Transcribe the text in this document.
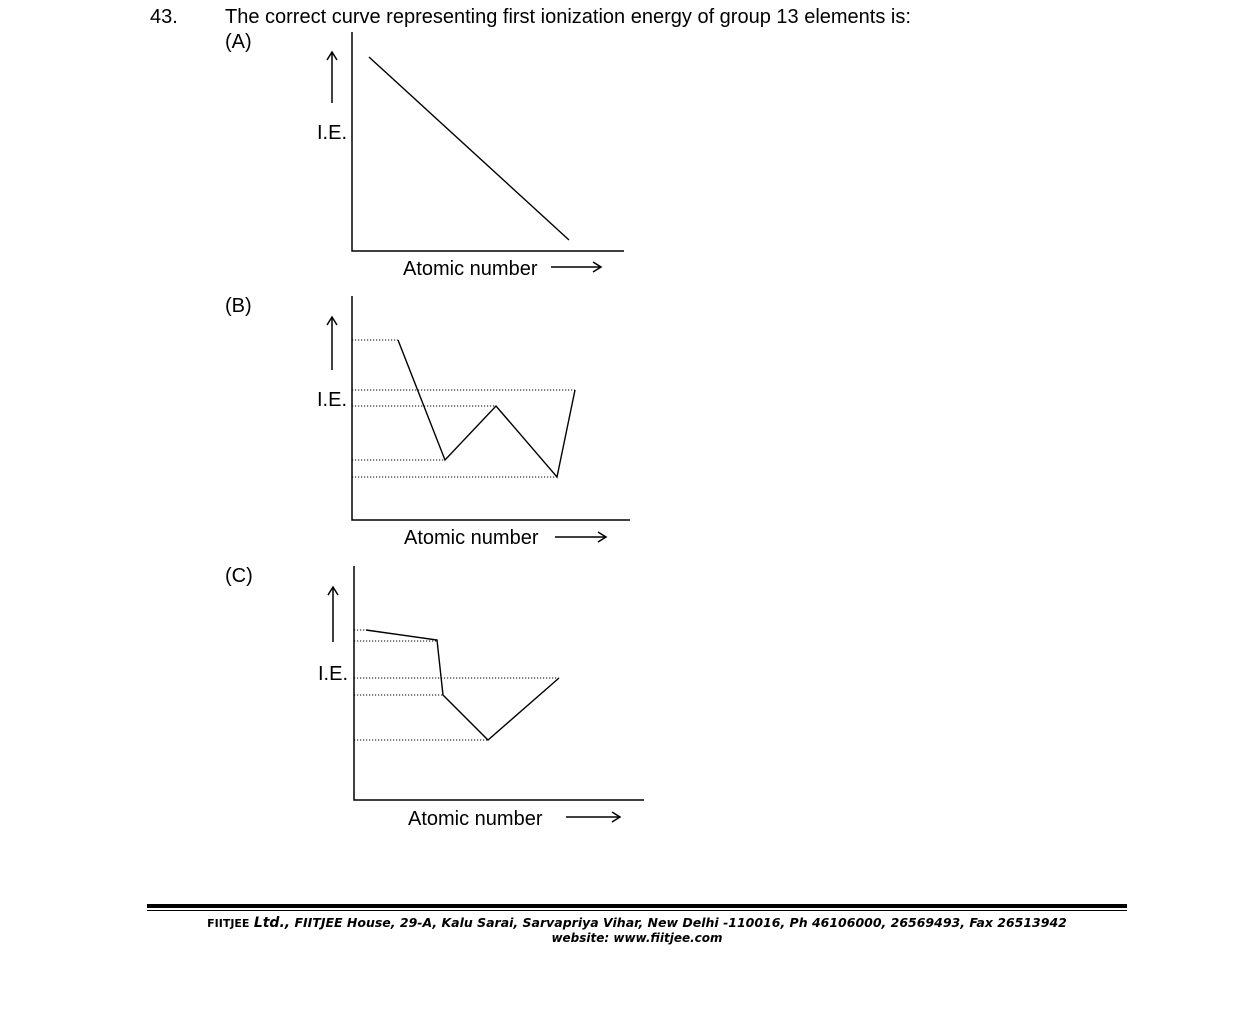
43. The correct curve representing first ionization energy of group 13 elements is:
(A)
I.E.
Atomic number
(B)
I.E.
Atomic number
(C)
I.E.
Atomic number
FIITJEE Ltd., FIITJEE House, 29-A, Kalu Sarai, Sarvapriya Vihar, New Delhi -110016, Ph 46106000, 26569493, Fax 26513942
website: www.fiitjee.com
